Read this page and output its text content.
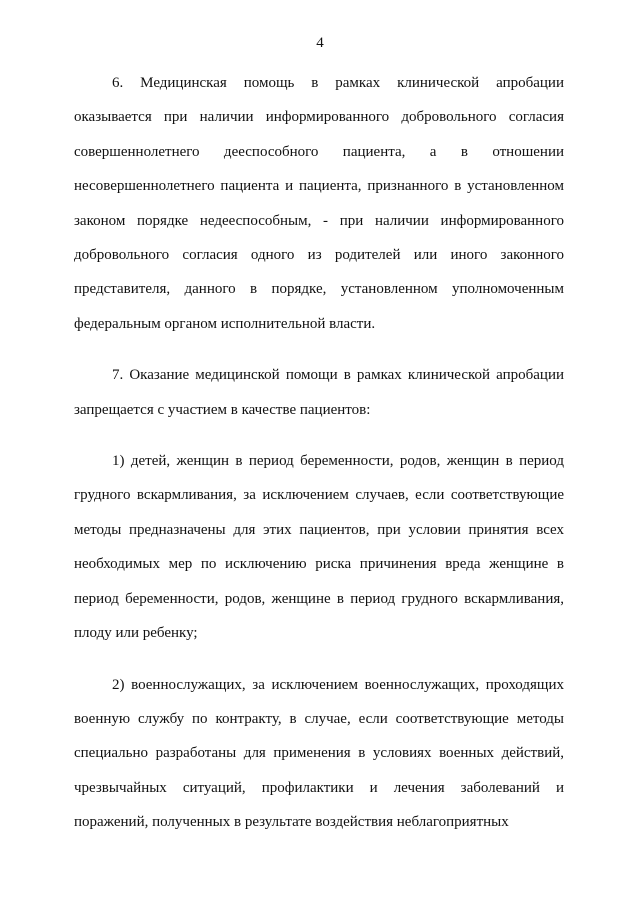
4

6. Медицинская помощь в рамках клинической апробации оказывается при наличии информированного добровольного согласия совершеннолетнего дееспособного пациента, а в отношении несовершеннолетнего пациента и пациента, признанного в установленном законом порядке недееспособным, - при наличии информированного добровольного согласия одного из родителей или иного законного представителя, данного в порядке, установленном уполномоченным федеральным органом исполнительной власти.

7. Оказание медицинской помощи в рамках клинической апробации запрещается с участием в качестве пациентов:

1) детей, женщин в период беременности, родов, женщин в период грудного вскармливания, за исключением случаев, если соответствующие методы предназначены для этих пациентов, при условии принятия всех необходимых мер по исключению риска причинения вреда женщине в период беременности, родов, женщине в период грудного вскармливания, плоду или ребенку;

2) военнослужащих, за исключением военнослужащих, проходящих военную службу по контракту, в случае, если соответствующие методы специально разработаны для применения в условиях военных действий, чрезвычайных ситуаций, профилактики и лечения заболеваний и поражений, полученных в результате воздействия неблагоприятных
